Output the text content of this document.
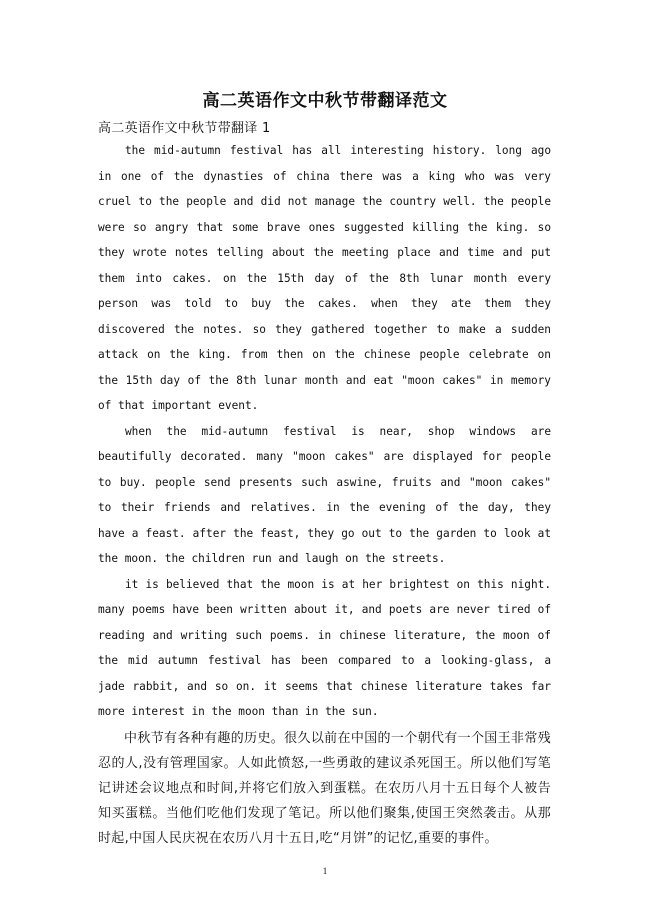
高二英语作文中秋节带翻译范文
高二英语作文中秋节带翻译 1

the mid-autumn festival has all interesting history. long ago in one of the dynasties of china there was a king who was very cruel to the people and did not manage the country well. the people were so angry that some brave ones suggested killing the king. so they wrote notes telling about the meeting place and time and put them into cakes. on the 15th day of the 8th lunar month every person was told to buy the cakes. when they ate them they discovered the notes. so they gathered together to make a sudden attack on the king. from then on the chinese people celebrate on the 15th day of the 8th lunar month and eat "moon cakes" in memory of that important event.

when the mid-autumn festival is near, shop windows are beautifully decorated. many "moon cakes" are displayed for people to buy. people send presents such aswine, fruits and "moon cakes" to their friends and relatives. in the evening of the day, they have a feast. after the feast, they go out to the garden to look at the moon. the children run and laugh on the streets.

it is believed that the moon is at her brightest on this night. many poems have been written about it, and poets are never tired of reading and writing such poems. in chinese literature, the moon of the mid autumn festival has been compared to a looking-glass, a jade rabbit, and so on. it seems that chinese literature takes far more interest in the moon than in the sun.

中秋节有各种有趣的历史。很久以前在中国的一个朝代有一个国王非常残忍的人,没有管理国家。人如此愤怒,一些勇敢的建议杀死国王。所以他们写笔记讲述会议地点和时间,并将它们放入到蛋糕。在农历八月十五日每个人被告知买蛋糕。当他们吃他们发现了笔记。所以他们聚集,使国王突然袭击。从那时起,中国人民庆祝在农历八月十五日,吃“月饼”的记忆,重要的事件。

1
